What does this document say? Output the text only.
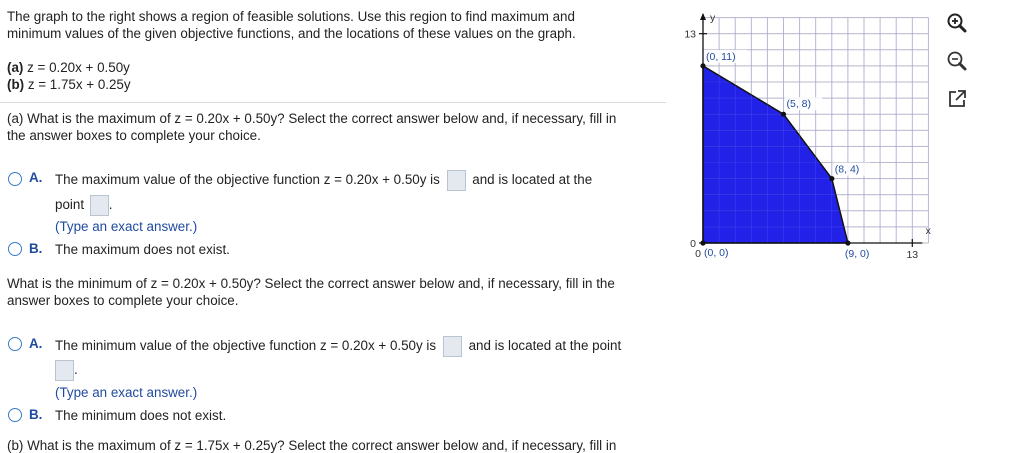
The graph to the right shows a region of feasible solutions. Use this region to find maximum and
minimum values of the given objective functions, and the locations of these values on the graph.
(a) z = 0.20x + 0.50y
(b) z = 1.75x + 0.25y
(a) What is the maximum of z = 0.20x + 0.50y? Select the correct answer below and, if necessary, fill in
the answer boxes to complete your choice.
A. The maximum value of the objective function z = 0.20x + 0.50y is and is located at the
point .
(Type an exact answer.)
B. The maximum does not exist.
What is the minimum of z = 0.20x + 0.50y? Select the correct answer below and, if necessary, fill in the
answer boxes to complete your choice.
A. The minimum value of the objective function z = 0.20x + 0.50y is and is located at the point
.
(Type an exact answer.)
B. The minimum does not exist.
(b) What is the maximum of z = 1.75x + 0.25y? Select the correct answer below and, if necessary, fill in
y
x
13
0
0	13
(0, 11)
(5, 8)
(8, 4)
(9, 0)
(0, 0)
